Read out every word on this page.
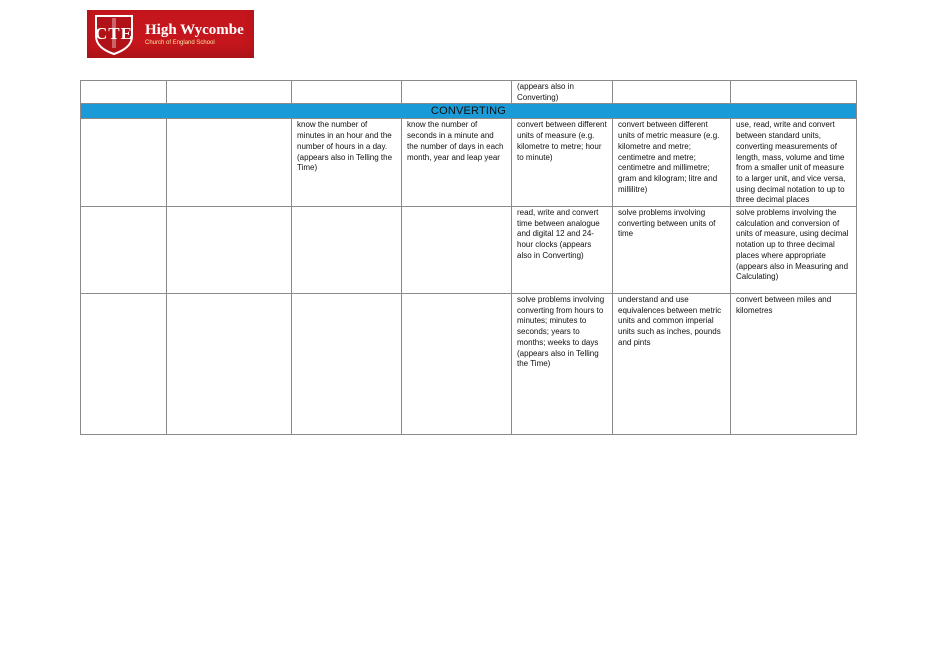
CTE High Wycombe
Church of England School
				(appears also in Converting)		
CONVERTING						
		know the number of minutes in an hour and the number of hours in a day. (appears also in Telling the Time)	know the number of seconds in a minute and the number of days in each month, year and leap year	convert between different units of measure (e.g. kilometre to metre; hour to minute)	convert between different units of metric measure (e.g. kilometre and metre; centimetre and metre; centimetre and millimetre; gram and kilogram; litre and millilitre)	use, read, write and convert between standard units, converting measurements of length, mass, volume and time from a smaller unit of measure to a larger unit, and vice versa, using decimal notation to up to three decimal places
				read, write and convert time between analogue and digital 12 and 24-hour clocks (appears also in Converting)	solve problems involving converting between units of time	solve problems involving the calculation and conversion of units of measure, using decimal notation up to three decimal places where appropriate (appears also in Measuring and Calculating)
				solve problems involving converting from hours to minutes; minutes to seconds; years to months; weeks to days (appears also in Telling the Time)	understand and use equivalences between metric units and common imperial units such as inches, pounds and pints	convert between miles and kilometres
